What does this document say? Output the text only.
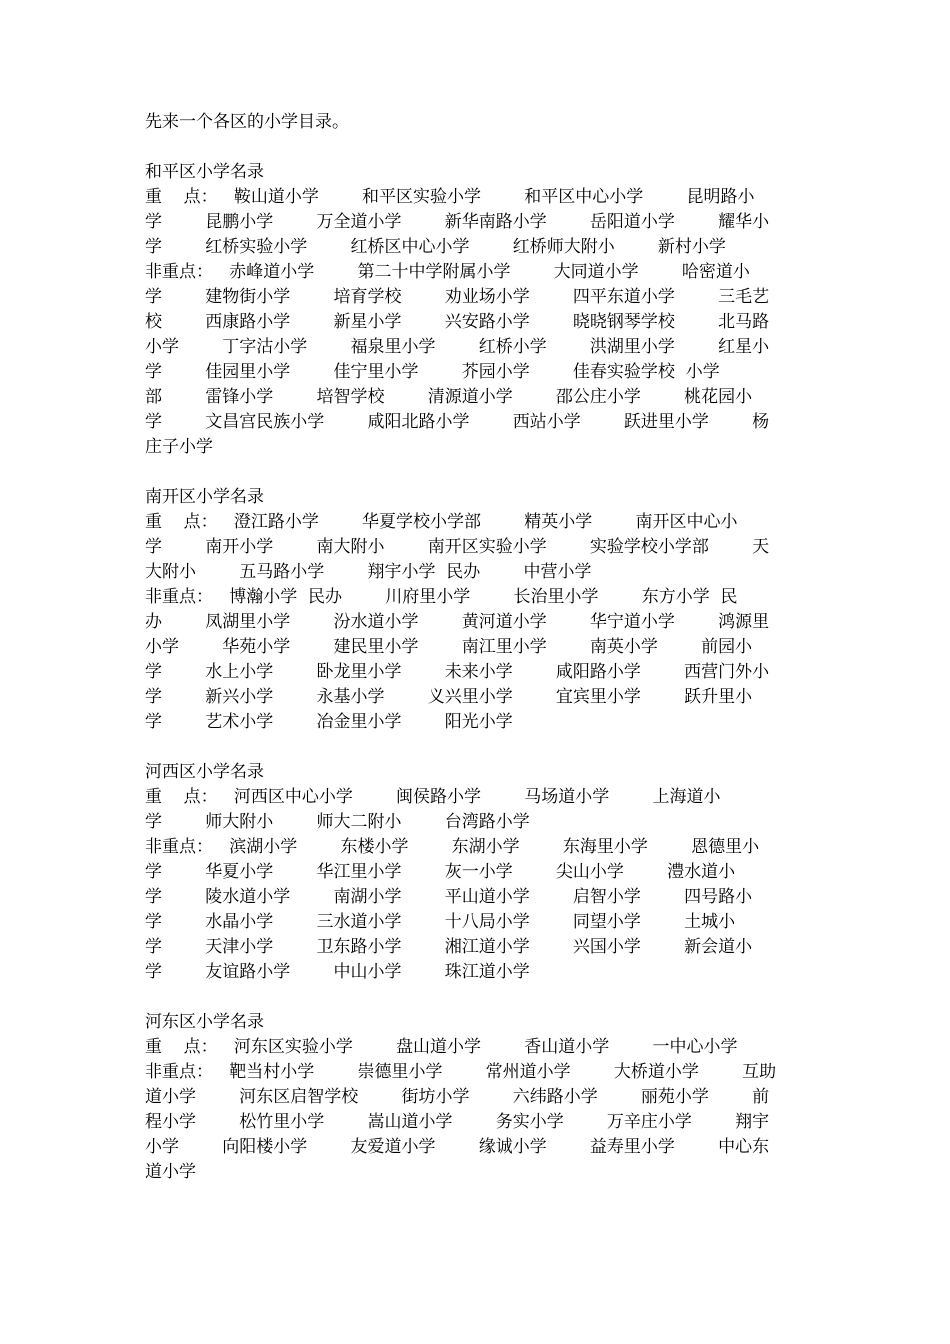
先来一个各区的小学目录。
和平区小学名录
重    点：   鞍山道小学        和平区实验小学        和平区中心小学        昆明路小
学        昆鹏小学        万全道小学        新华南路小学        岳阳道小学        耀华小
学        红桥实验小学        红桥区中心小学        红桥师大附小        新村小学
非重点：   赤峰道小学        第二十中学附属小学        大同道小学        哈密道小
学        建物街小学        培育学校        劝业场小学        四平东道小学        三毛艺
校        西康路小学        新星小学        兴安路小学        晓晓钢琴学校        北马路
小学        丁字沽小学        福泉里小学        红桥小学        洪湖里小学        红星小
学        佳园里小学        佳宁里小学        芥园小学        佳春实验学校  小学
部        雷锋小学        培智学校        清源道小学        邵公庄小学        桃花园小
学        文昌宫民族小学        咸阳北路小学        西站小学        跃进里小学        杨
庄子小学
南开区小学名录
重    点：   澄江路小学        华夏学校小学部        精英小学        南开区中心小
学        南开小学        南大附小        南开区实验小学        实验学校小学部        天
大附小        五马路小学        翔宇小学  民办        中营小学
非重点：   博瀚小学  民办        川府里小学        长治里小学        东方小学  民
办        凤湖里小学        汾水道小学        黄河道小学        华宁道小学        鸿源里
小学        华苑小学        建民里小学        南江里小学        南英小学        前园小
学        水上小学        卧龙里小学        未来小学        咸阳路小学        西营门外小
学        新兴小学        永基小学        义兴里小学        宜宾里小学        跃升里小
学        艺术小学        冶金里小学        阳光小学
河西区小学名录
重    点：   河西区中心小学        闽侯路小学        马场道小学        上海道小
学        师大附小        师大二附小        台湾路小学
非重点：   滨湖小学        东楼小学        东湖小学        东海里小学        恩德里小
学        华夏小学        华江里小学        灰一小学        尖山小学        澧水道小
学        陵水道小学        南湖小学        平山道小学        启智小学        四号路小
学        水晶小学        三水道小学        十八局小学        同望小学        土城小
学        天津小学        卫东路小学        湘江道小学        兴国小学        新会道小
学        友谊路小学        中山小学        珠江道小学
河东区小学名录
重    点：   河东区实验小学        盘山道小学        香山道小学        一中心小学
非重点：   靶当村小学        崇德里小学        常州道小学        大桥道小学        互助
道小学        河东区启智学校        街坊小学        六纬路小学        丽苑小学        前
程小学        松竹里小学        嵩山道小学        务实小学        万辛庄小学        翔宇
小学        向阳楼小学        友爱道小学        缘诚小学        益寿里小学        中心东
道小学
